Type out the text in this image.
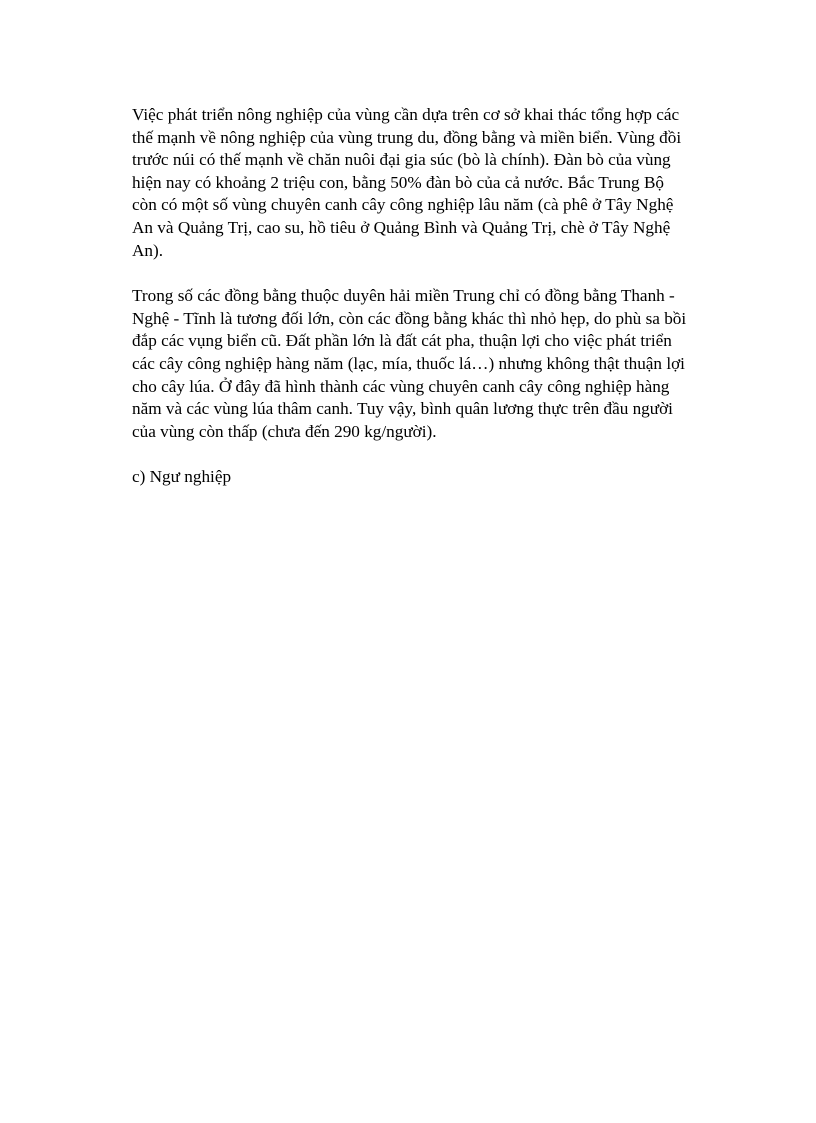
Việc phát triển nông nghiệp của vùng cần dựa trên cơ sở khai thác tổng hợp các
thế mạnh về nông nghiệp của vùng trung du, đồng bằng và miền biển. Vùng đồi
trước núi có thế mạnh về chăn nuôi đại gia súc (bò là chính). Đàn bò của vùng
hiện nay có khoảng 2 triệu con, bằng 50% đàn bò của cả nước. Bắc Trung Bộ
còn có một số vùng chuyên canh cây công nghiệp lâu năm (cà phê ở Tây Nghệ
An và Quảng Trị, cao su, hồ tiêu ở Quảng Bình và Quảng Trị, chè ở Tây Nghệ
An).

Trong số các đồng bằng thuộc duyên hải miền Trung chỉ có đồng bằng Thanh -
Nghệ - Tĩnh là tương đối lớn, còn các đồng bằng khác thì nhỏ hẹp, do phù sa bồi
đắp các vụng biển cũ. Đất phần lớn là đất cát pha, thuận lợi cho việc phát triển
các cây công nghiệp hàng năm (lạc, mía, thuốc lá…) nhưng không thật thuận lợi
cho cây lúa. Ở đây đã hình thành các vùng chuyên canh cây công nghiệp hàng
năm và các vùng lúa thâm canh. Tuy vậy, bình quân lương thực trên đầu người
của vùng còn thấp (chưa đến 290 kg/người).

c) Ngư nghiệp
